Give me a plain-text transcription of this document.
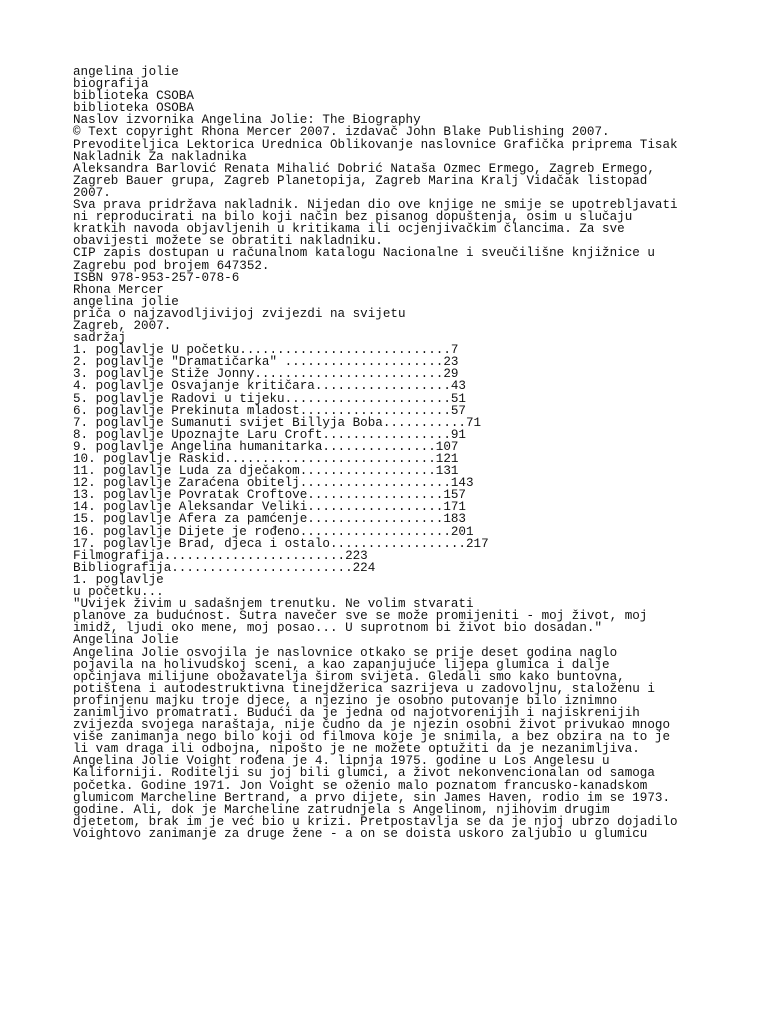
angelina jolie
biografija
biblioteka CSOBA
biblioteka OSOBA
Naslov izvornika Angelina Jolie: The Biography
© Text copyright Rhona Mercer 2007. izdavač John Blake Publishing 2007.
Prevoditeljica Lektorica Urednica Oblikovanje naslovnice Grafička priprema Tisak
Nakladnik Za nakladnika
Aleksandra Barlović Renata Mihalić Dobrić Nataša Ozmec Ermego, Zagreb Ermego,
Zagreb Bauer grupa, Zagreb Planetopija, Zagreb Marina Kralj Vidačak listopad
2007.
Sva prava pridržava nakladnik. Nijedan dio ove knjige ne smije se upotrebljavati
ni reproducirati na bilo koji način bez pisanog dopuštenja, osim u slučaju
kratkih navoda objavljenih u kritikama ili ocjenjivačkim člancima. Za sve
obavijesti možete se obratiti nakladniku.
CIP zapis dostupan u računalnom katalogu Nacionalne i sveučilišne knjižnice u
Zagrebu pod brojem 647352.
ISBN 978-953-257-078-6
Rhona Mercer
angelina jolie
priča o najzavodljivijoj zvijezdi na svijetu
Zagreb, 2007.
sadržaj
1. poglavlje U početku............................7
2. poglavlje "Dramatičarka" .....................23
3. poglavlje Stiže Jonny.........................29
4. poglavlje Osvajanje kritičara..................43
5. poglavlje Radovi u tijeku......................51
6. poglavlje Prekinuta mladost....................57
7. poglavlje Sumanuti svijet Billyja Boba...........71
8. poglavlje Upoznajte Laru Croft.................91
9. poglavlje Angelina humanitarka...............107
10. poglavlje Raskid............................121
11. poglavlje Luda za dječakom..................131
12. poglavlje Zaraćena obitelj....................143
13. poglavlje Povratak Croftove..................157
14. poglavlje Aleksandar Veliki..................171
15. poglavlje Afera za pamćenje..................183
16. poglavlje Dijete je rođeno....................201
17. poglavlje Brad, djeca i ostalo..................217
Filmografija........................223
Bibliografija........................224
1. poglavlje
u početku...
"Uvijek živim u sadašnjem trenutku. Ne volim stvarati
planove za budućnost. Sutra navečer sve se može promijeniti - moj život, moj
imidž, ljudi oko mene, moj posao... U suprotnom bi život bio dosadan."
Angelina Jolie
Angelina Jolie osvojila je naslovnice otkako se prije deset godina naglo
pojavila na holivudskoj sceni, a kao zapanjujuće lijepa glumica i dalje
opčinjava milijune obožavatelja širom svijeta. Gledali smo kako buntovna,
potištena i autodestruktivna tinejdžerica sazrijeva u zadovoljnu, staloženu i
profinjenu majku troje djece, a njezino je osobno putovanje bilo iznimno
zanimljivo promatrati. Budući da je jedna od najotvorenijih i najiskrenijih
zvijezda svojega naraštaja, nije čudno da je njezin osobni život privukao mnogo
više zanimanja nego bilo koji od filmova koje je snimila, a bez obzira na to je
li vam draga ili odbojna, nipošto je ne možete optužiti da je nezanimljiva.
Angelina Jolie Voight rođena je 4. lipnja 1975. godine u Los Angelesu u
Kaliforniji. Roditelji su joj bili glumci, a život nekonvencionalan od samoga
početka. Godine 1971. Jon Voight se oženio malo poznatom francusko-kanadskom
glumicom Marcheline Bertrand, a prvo dijete, sin James Haven, rodio im se 1973.
godine. Ali, dok je Marcheline zatrudnjela s Angelinom, njihovim drugim
djetetom, brak im je već bio u krizi. Pretpostavlja se da je njoj ubrzo dojadilo
Voightovo zanimanje za druge žene - a on se doista uskoro zaljubio u glumicu
